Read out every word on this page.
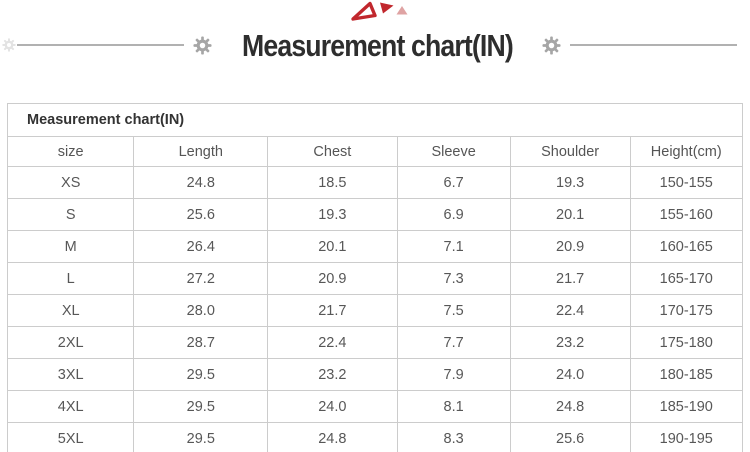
Measurement chart(IN)
Measurement chart(IN)					
size	Length	Chest	Sleeve	Shoulder	Height(cm)
XS	24.8	18.5	6.7	19.3	150-155
S	25.6	19.3	6.9	20.1	155-160
M	26.4	20.1	7.1	20.9	160-165
L	27.2	20.9	7.3	21.7	165-170
XL	28.0	21.7	7.5	22.4	170-175
2XL	28.7	22.4	7.7	23.2	175-180
3XL	29.5	23.2	7.9	24.0	180-185
4XL	29.5	24.0	8.1	24.8	185-190
5XL	29.5	24.8	8.3	25.6	190-195
